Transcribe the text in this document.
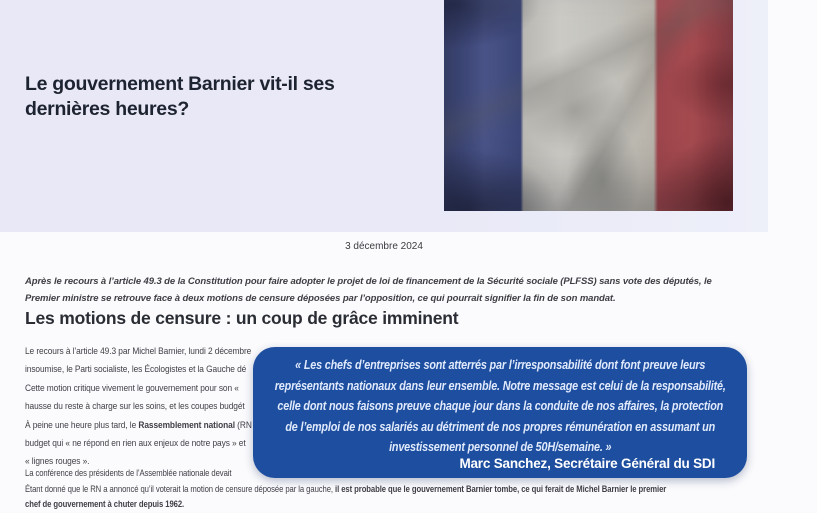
Le gouvernement Barnier vit-il ses dernières heures?
3 décembre 2024

Après le recours à l’article 49.3 de la Constitution pour faire adopter le projet de loi de financement de la Sécurité sociale (PLFSS) sans vote des députés, le Premier ministre se retrouve face à deux motions de censure déposées par l’opposition, ce qui pourrait signifier la fin de son mandat.

Les motions de censure : un coup de grâce imminent
Le recours à l’article 49.3 par Michel Barnier, lundi 2 décembre
insoumise, le Parti socialiste, les Écologistes et la Gauche dé
Cette motion critique vivement le gouvernement pour son «
hausse du reste à charge sur les soins, et les coupes budgét
À peine une heure plus tard, le Rassemblement national (RN
budget qui « ne répond en rien aux enjeux de notre pays » et
« lignes rouges ».
La conférence des présidents de l’Assemblée nationale devait
Étant donné que le RN a annoncé qu’il voterait la motion de censure déposée par la gauche, il est probable que le gouvernement Barnier tombe, ce qui ferait de Michel Barnier le premier
chef de gouvernement à chuter depuis 1962.

« Les chefs d’entreprises sont atterrés par l’irresponsabilité dont font preuve leurs représentants nationaux dans leur ensemble. Notre message est celui de la responsabilité, celle dont nous faisons preuve chaque jour dans la conduite de nos affaires, la protection de l’emploi de nos salariés au détriment de nos propres rémunération en assumant un investissement personnel de 50H/semaine. »

Marc Sanchez, Secrétaire Général du SDI
